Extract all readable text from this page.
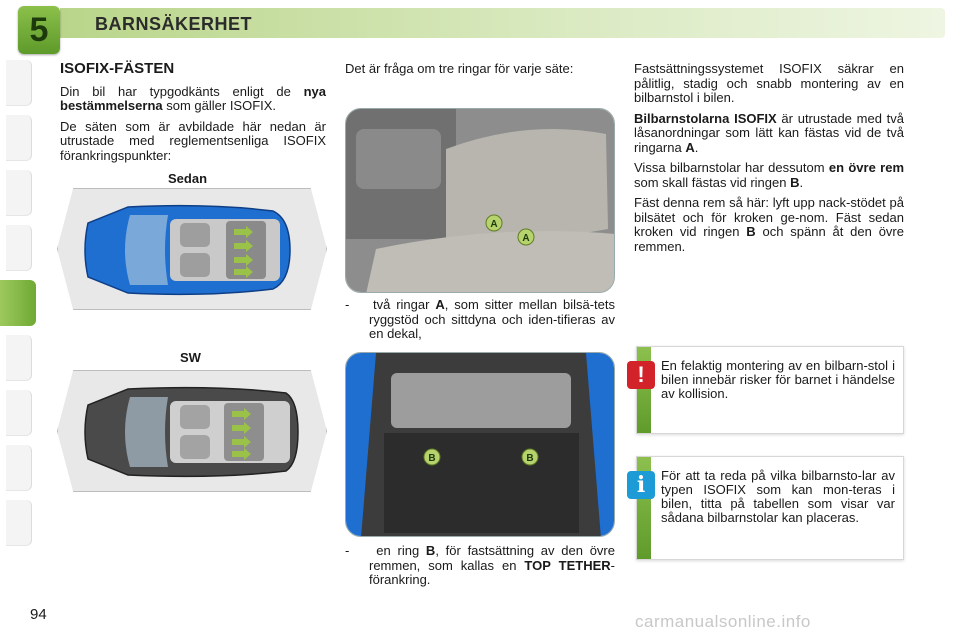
5	BARNSÄKERHET
ISOFIX-FÄSTEN

Din bil har typgodkänts enligt de nya bestämmelserna som gäller ISOFIX.

De säten som är avbildade här nedan är utrustade med reglementsenliga ISOFIX förankringspunkter:

Sedan
SW

Det är fråga om tre ringar för varje säte:

A
A

-    två ringar A, som sitter mellan bilsä-tets ryggstöd och sittdyna och iden-tifieras av en dekal,

B	B

-    en ring B, för fastsättning av den övre remmen, som kallas en TOP TETHER-förankring.

Fastsättningssystemet ISOFIX säkrar en pålitlig, stadig och snabb montering av en bilbarnstol i bilen.

Bilbarnstolarna ISOFIX är utrustade med två låsanordningar som lätt kan fästas vid de två ringarna A.

Vissa bilbarnstolar har dessutom en övre rem som skall fästas vid ringen B.

Fäst denna rem så här: lyft upp nack-stödet på bilsätet och för kroken ge-nom. Fäst sedan kroken vid ringen B och spänn åt den övre remmen.

!	En felaktig montering av en bilbarn-stol i bilen innebär risker för barnet i händelse av kollision.
i	För att ta reda på vilka bilbarnsto-lar av typen ISOFIX som kan mon-teras i bilen, titta på tabellen som visar var sådana bilbarnstolar kan placeras.
94	carmanualsonline.info
